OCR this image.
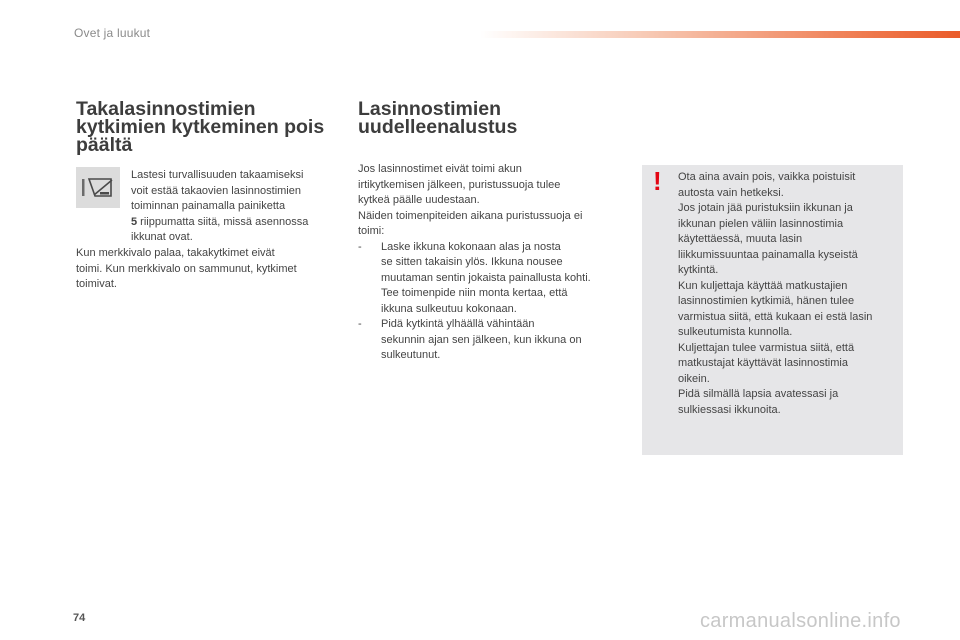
Ovet ja luukut
Takalasinnostimien
kytkimien kytkeminen pois
päältä

Lastesi turvallisuuden takaamiseksi

voit estää takaovien lasinnostimien

toiminnan painamalla painiketta

5 riippumatta siitä, missä asennossa

ikkunat ovat.

Kun merkkivalo palaa, takakytkimet eivät

toimi. Kun merkkivalo on sammunut, kytkimet

toimivat.

Lasinnostimien
uudelleenalustus

Jos lasinnostimet eivät toimi akun

irtikytkemisen jälkeen, puristussuoja tulee

kytkeä päälle uudestaan.

Näiden toimenpiteiden aikana puristussuoja ei

toimi:

-	Laske ikkuna kokonaan alas ja nosta

se sitten takaisin ylös. Ikkuna nousee

muutaman sentin jokaista painallusta kohti.

Tee toimenpide niin monta kertaa, että

ikkuna sulkeutuu kokonaan.

-	Pidä kytkintä ylhäällä vähintään

sekunnin ajan sen jälkeen, kun ikkuna on

sulkeutunut.

! Ota aina avain pois, vaikka poistuisit

autosta vain hetkeksi.

Jos jotain jää puristuksiin ikkunan ja

ikkunan pielen väliin lasinnostimia

käytettäessä, muuta lasin

liikkumissuuntaa painamalla kyseistä

kytkintä.

Kun kuljettaja käyttää matkustajien

lasinnostimien kytkimiä, hänen tulee

varmistua siitä, että kukaan ei estä lasin

sulkeutumista kunnolla.

Kuljettajan tulee varmistua siitä, että

matkustajat käyttävät lasinnostimia

oikein.

Pidä silmällä lapsia avatessasi ja

sulkiessasi ikkunoita.

74	carmanualsonline.info
